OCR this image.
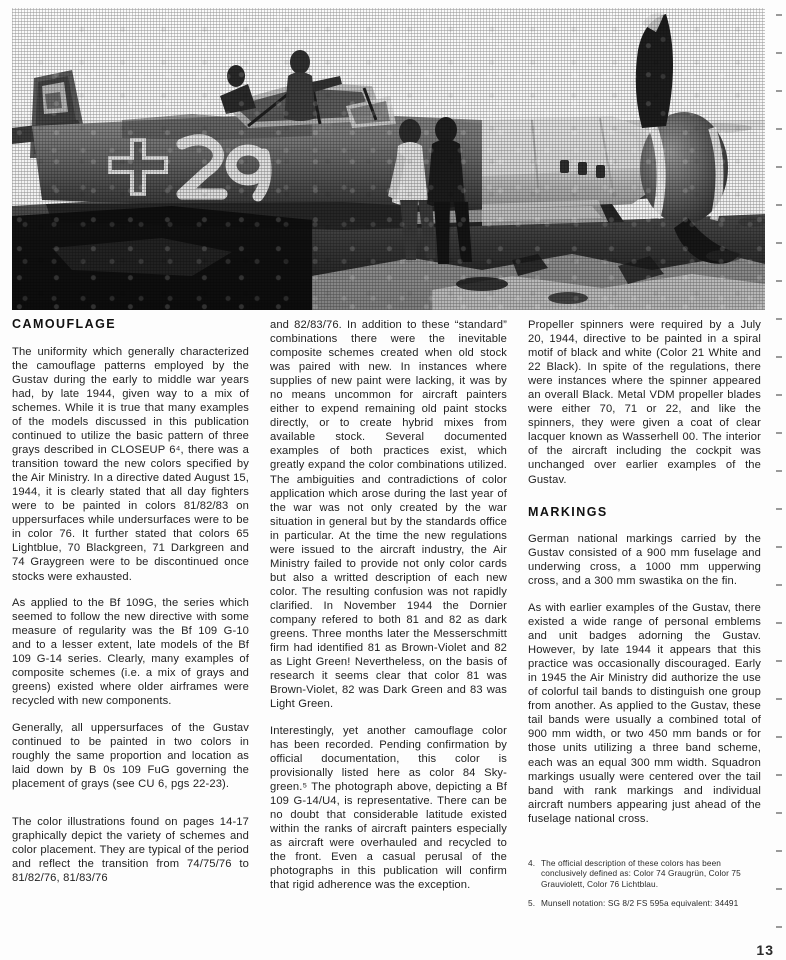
CAMOUFLAGE

The uniformity which generally characterized the camouflage patterns employed by the Gustav during the early to middle war years had, by late 1944, given way to a mix of schemes. While it is true that many examples of the models discussed in this publication continued to utilize the basic pattern of three grays described in CLOSEUP 6⁴, there was a transition toward the new colors specified by the Air Ministry. In a directive dated August 15, 1944, it is clearly stated that all day fighters were to be painted in colors 81/82/83 on uppersurfaces while undersurfaces were to be in color 76. It further stated that colors 65 Lightblue, 70 Blackgreen, 71 Darkgreen and 74 Graygreen were to be discontinued once stocks were exhausted.

As applied to the Bf 109G, the series which seemed to follow the new directive with some measure of regularity was the Bf 109 G-10 and to a lesser extent, late models of the Bf 109 G-14 series. Clearly, many examples of composite schemes (i.e. a mix of grays and greens) existed where older airframes were recycled with new components.

Generally, all uppersurfaces of the Gustav continued to be painted in two colors in roughly the same proportion and location as laid down by B 0s 109 FuG governing the placement of grays (see CU 6, pgs 22-23).

The color illustrations found on pages 14-17 graphically depict the variety of schemes and color placement. They are typical of the period and reflect the transition from 74/75/76 to 81/82/76, 81/83/76

and 82/83/76. In addition to these “standard” combinations there were the inevitable composite schemes created when old stock was paired with new. In instances where supplies of new paint were lacking, it was by no means uncommon for aircraft painters either to expend remaining old paint stocks directly, or to create hybrid mixes from available stock. Several documented examples of both practices exist, which greatly expand the color combinations utilized. The ambiguities and contradictions of color application which arose during the last year of the war was not only created by the war situation in general but by the standards office in particular. At the time the new regulations were issued to the aircraft industry, the Air Ministry failed to provide not only color cards but also a writted description of each new color. The resulting confusion was not rapidly clarified. In November 1944 the Dornier company refered to both 81 and 82 as dark greens. Three months later the Messerschmitt firm had identified 81 as Brown-Violet and 82 as Light Green! Nevertheless, on the basis of research it seems clear that color 81 was Brown-Violet, 82 was Dark Green and 83 was Light Green.

Interestingly, yet another camouflage color has been recorded. Pending confirmation by official documentation, this color is provisionally listed here as color 84 Sky-green.⁵ The photograph above, depicting a Bf 109 G-14/U4, is representative. There can be no doubt that considerable latitude existed within the ranks of aircraft painters especially as aircraft were overhauled and recycled to the front. Even a casual perusal of the photographs in this publication will confirm that rigid adherence was the exception.

Propeller spinners were required by a July 20, 1944, directive to be painted in a spiral motif of black and white (Color 21 White and 22 Black). In spite of the regulations, there were instances where the spinner appeared an overall Black. Metal VDM propeller blades were either 70, 71 or 22, and like the spinners, they were given a coat of clear lacquer known as Wasserhell 00. The interior of the aircraft including the cockpit was unchanged over earlier examples of the Gustav.

MARKINGS

German national markings carried by the Gustav consisted of a 900 mm fuselage and underwing cross, a 1000 mm upperwing cross, and a 300 mm swastika on the fin.

As with earlier examples of the Gustav, there existed a wide range of personal emblems and unit badges adorning the Gustav. However, by late 1944 it appears that this practice was occasionally discouraged. Early in 1945 the Air Ministry did authorize the use of colorful tail bands to distinguish one group from another. As applied to the Gustav, these tail bands were usually a combined total of 900 mm width, or two 450 mm bands or for those units utilizing a three band scheme, each was an equal 300 mm width. Squadron markings usually were centered over the tail band with rank markings and individual aircraft numbers appearing just ahead of the fuselage national cross.

4. The official description of these colors has been conclusively defined as: Color 74 Graugrün, Color 75 Grauviolett, Color 76 Lichtblau.
5. Munsell notation: SG 8/2 FS 595a equivalent: 34491
13
